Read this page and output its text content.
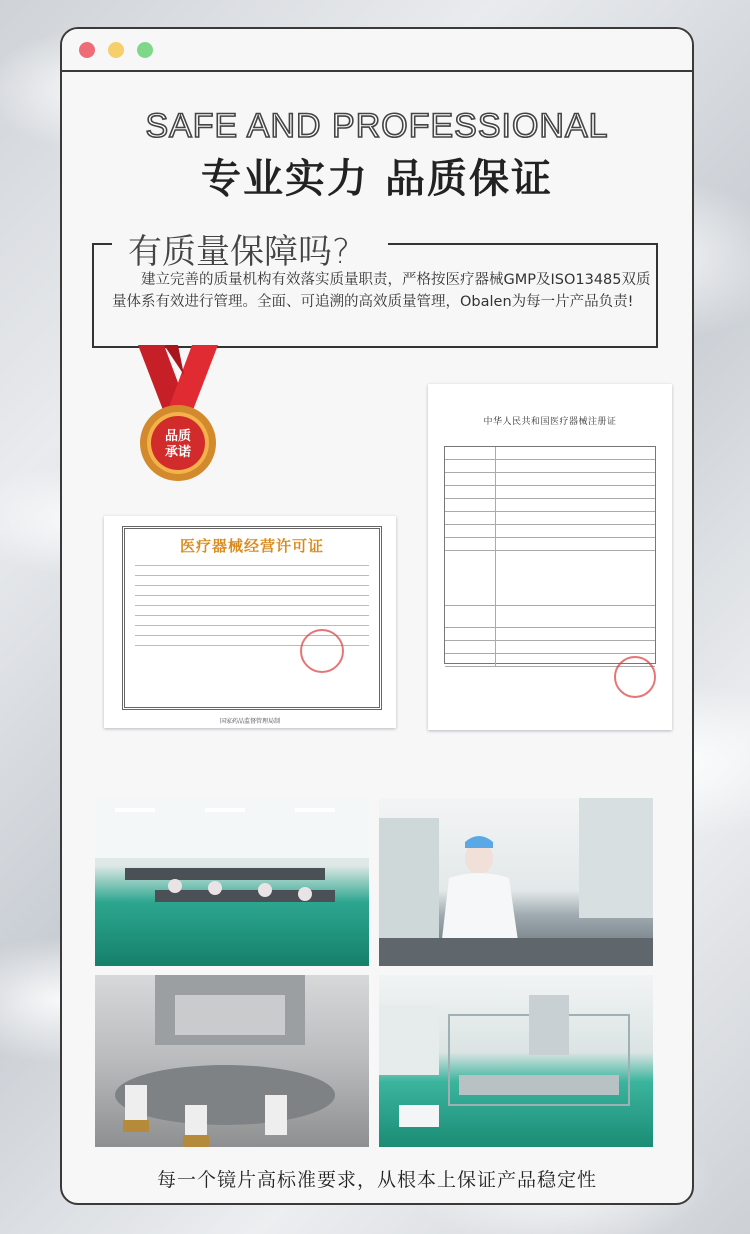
SAFE AND PROFESSIONAL
专业实力 品质保证
有质量保障吗?
建立完善的质量机构有效落实质量职责，严格按医疗器械GMP及ISO13485双质量体系有效进行管理。全面、可追溯的高效质量管理，Obalen为每一片产品负责!
品质
承诺
医疗器械经营许可证
国家药品监督管理局制
中华人民共和国医疗器械注册证
每一个镜片高标准要求，从根本上保证产品稳定性
